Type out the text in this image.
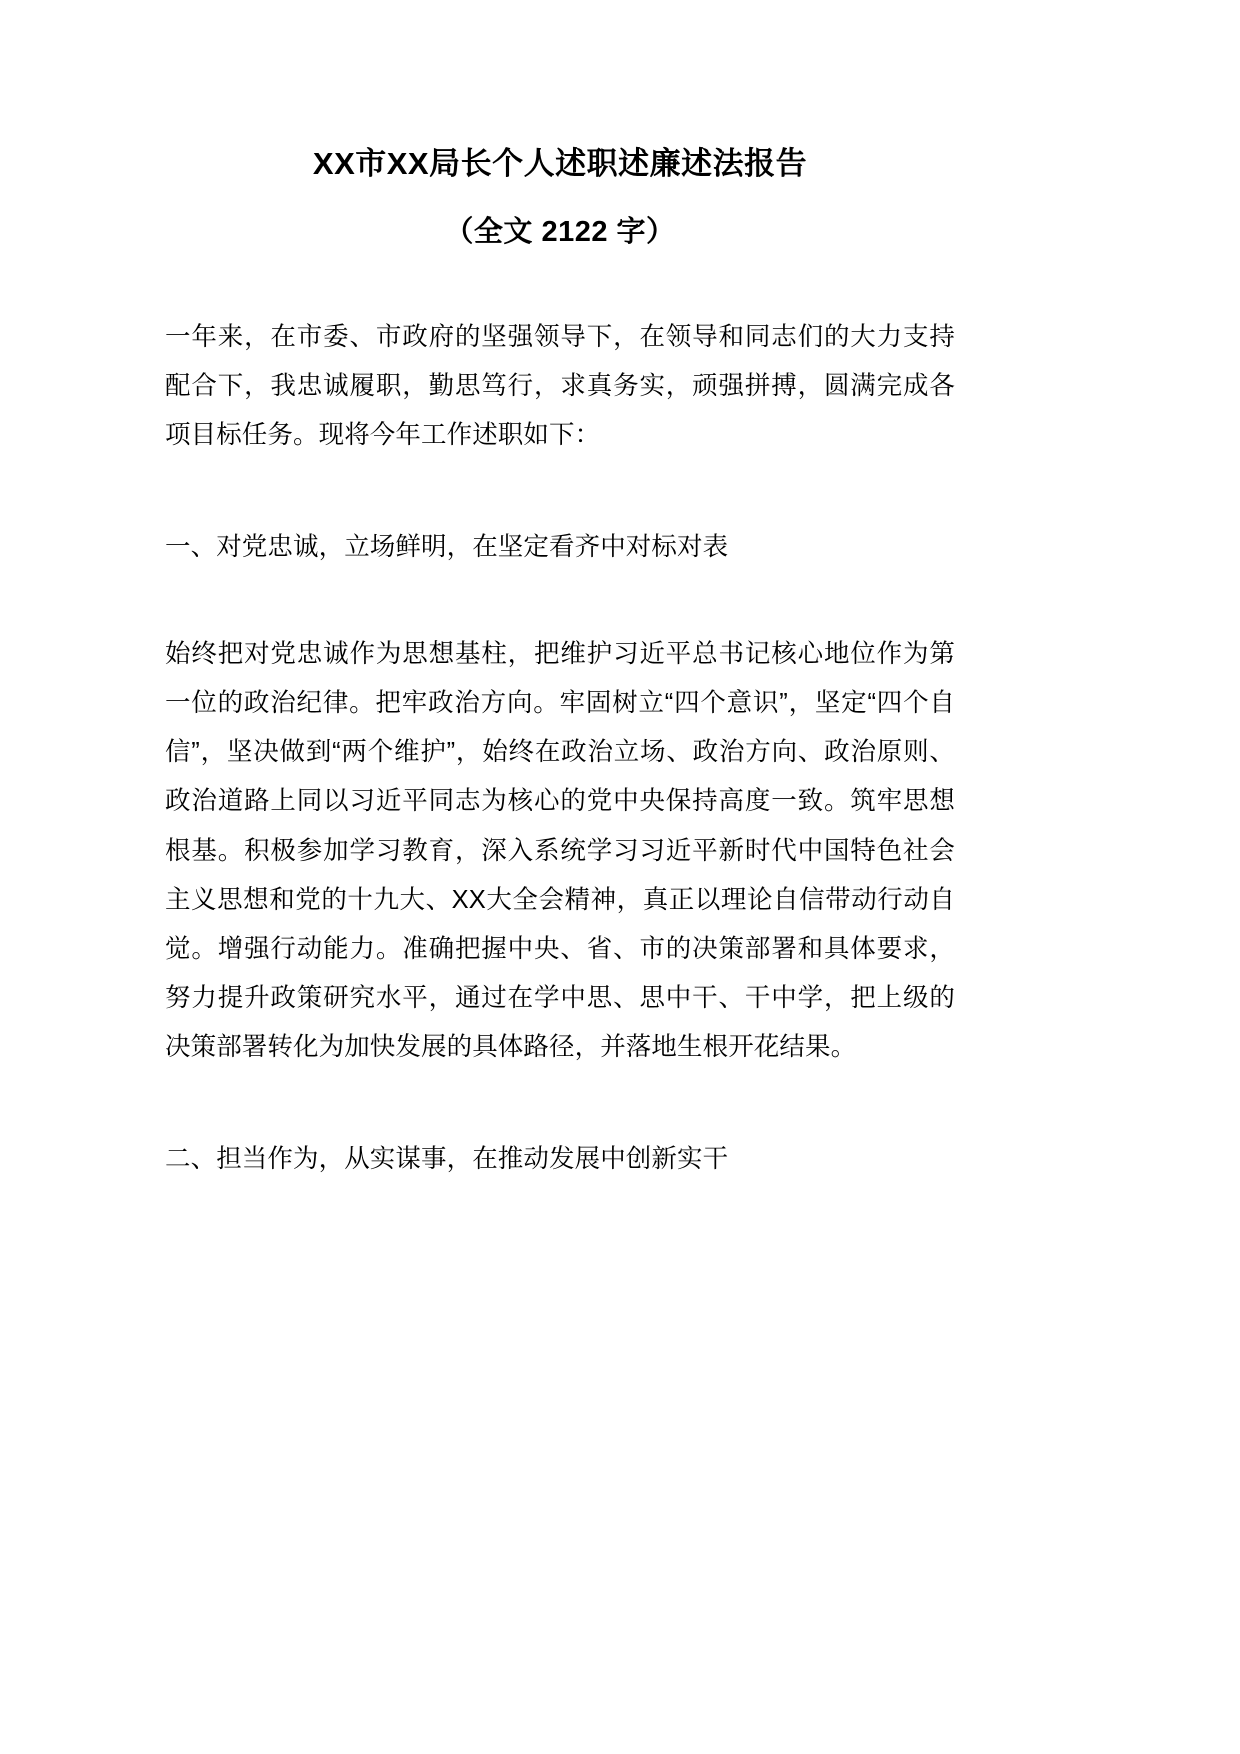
XX市XX局长个人述职述廉述法报告
（全文 2122 字）

一年来，在市委、市政府的坚强领导下，在领导和同志们的大力支持配合下，我忠诚履职，勤思笃行，求真务实，顽强拼搏，圆满完成各项目标任务。现将今年工作述职如下：

一、对党忠诚，立场鲜明，在坚定看齐中对标对表

始终把对党忠诚作为思想基柱，把维护习近平总书记核心地位作为第一位的政治纪律。把牢政治方向。牢固树立“四个意识”，坚定“四个自信”，坚决做到“两个维护”，始终在政治立场、政治方向、政治原则、政治道路上同以习近平同志为核心的党中央保持高度一致。筑牢思想根基。积极参加学习教育，深入系统学习习近平新时代中国特色社会主义思想和党的十九大、XX大全会精神，真正以理论自信带动行动自觉。增强行动能力。准确把握中央、省、市的决策部署和具体要求，努力提升政策研究水平，通过在学中思、思中干、干中学，把上级的决策部署转化为加快发展的具体路径，并落地生根开花结果。

二、担当作为，从实谋事，在推动发展中创新实干
